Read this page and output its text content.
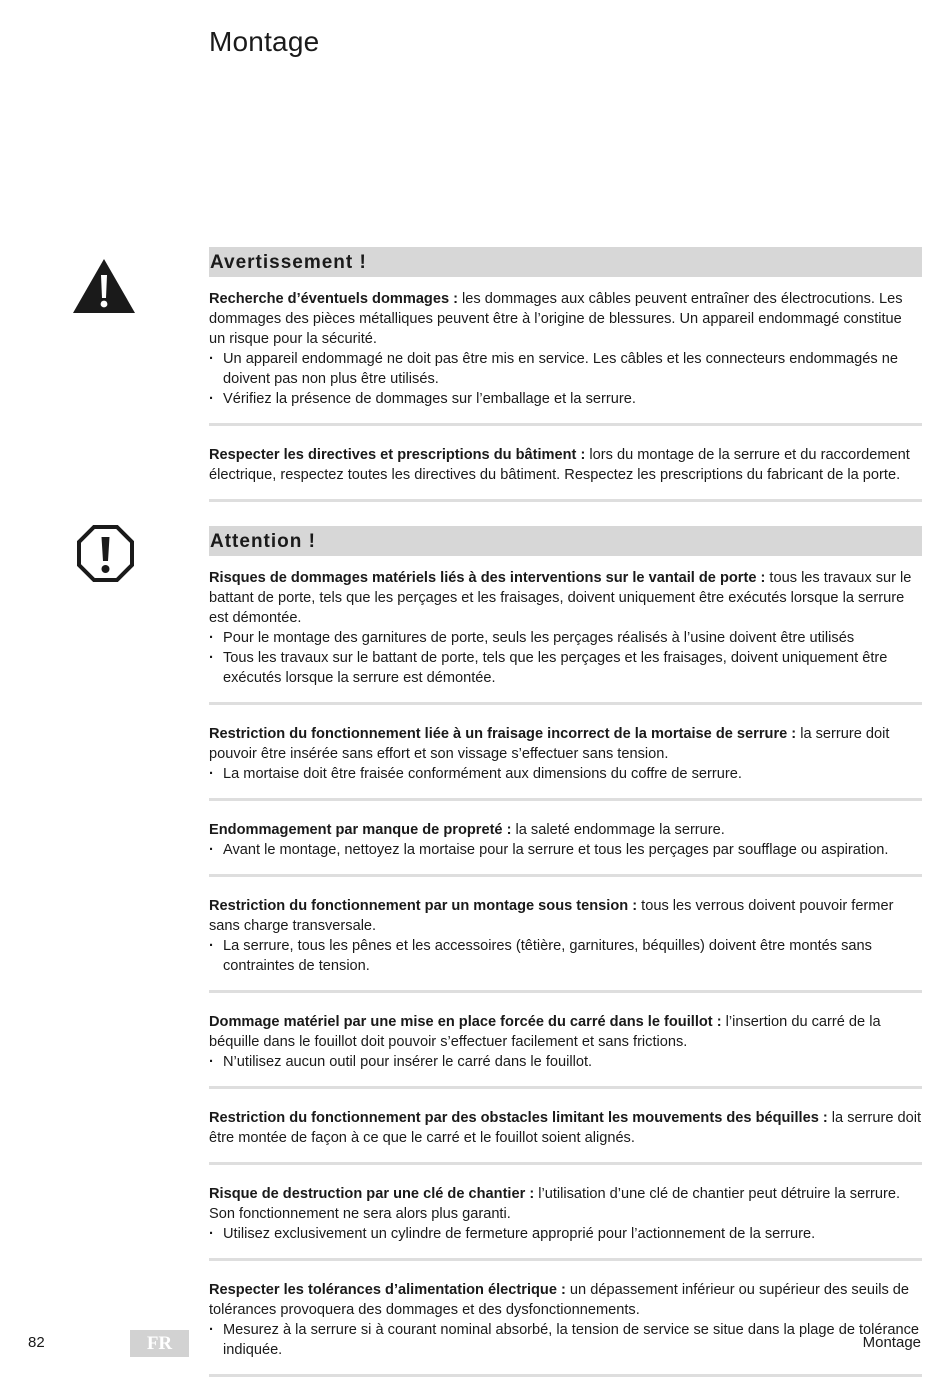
Montage
Avertissement !
Recherche d’éventuels dommages : les dommages aux câbles peuvent entraîner des électrocutions. Les dommages des pièces métalliques peuvent être à l’origine de blessures. Un appareil endommagé constitue un risque pour la sécurité.
· Un appareil endommagé ne doit pas être mis en service. Les câbles et les connecteurs endommagés ne doivent pas non plus être utilisés.
· Vérifiez la présence de dommages sur l’emballage et la serrure.
Respecter les directives et prescriptions du bâtiment : lors du montage de la serrure et du raccordement électrique, respectez toutes les directives du bâtiment. Respectez les prescriptions du fabricant de la porte.
Attention !
Risques de dommages matériels liés à des interventions sur le vantail de porte : tous les travaux sur le battant de porte, tels que les perçages et les fraisages, doivent uniquement être exécutés lorsque la serrure est démontée.
· Pour le montage des garnitures de porte, seuls les perçages réalisés à l’usine doivent être utilisés
· Tous les travaux sur le battant de porte, tels que les perçages et les fraisages, doivent uniquement être exécutés lorsque la serrure est démontée.
Restriction du fonctionnement liée à un fraisage incorrect de la mortaise de serrure : la serrure doit pouvoir être insérée sans effort et son vissage s’effectuer sans tension.
· La mortaise doit être fraisée conformément aux dimensions du coffre de serrure.
Endommagement par manque de propreté : la saleté endommage la serrure.
· Avant le montage, nettoyez la mortaise pour la serrure et tous les perçages par soufflage ou aspiration.
Restriction du fonctionnement par un montage sous tension : tous les verrous doivent pouvoir fermer sans charge transversale.
· La serrure, tous les pênes et les accessoires (têtière, garnitures, béquilles) doivent être montés sans contraintes de tension.
Dommage matériel par une mise en place forcée du carré dans le fouillot : l’insertion du carré de la béquille dans le fouillot doit pouvoir s’effectuer facilement et sans frictions.
· N’utilisez aucun outil pour insérer le carré dans le fouillot.
Restriction du fonctionnement par des obstacles limitant les mouvements des béquilles : la serrure doit être montée de façon à ce que le carré et le fouillot soient alignés.
Risque de destruction par une clé de chantier : l’utilisation d’une clé de chantier peut détruire la serrure. Son fonctionnement ne sera alors plus garanti.
· Utilisez exclusivement un cylindre de fermeture approprié pour l’actionnement de la serrure.
Respecter les tolérances d’alimentation électrique : un dépassement inférieur ou supérieur des seuils de tolérances provoquera des dommages et des dysfonctionnements.
· Mesurez à la serrure si à courant nominal absorbé, la tension de service se situe dans la plage de tolérance indiquée.
82	FR	Montage
